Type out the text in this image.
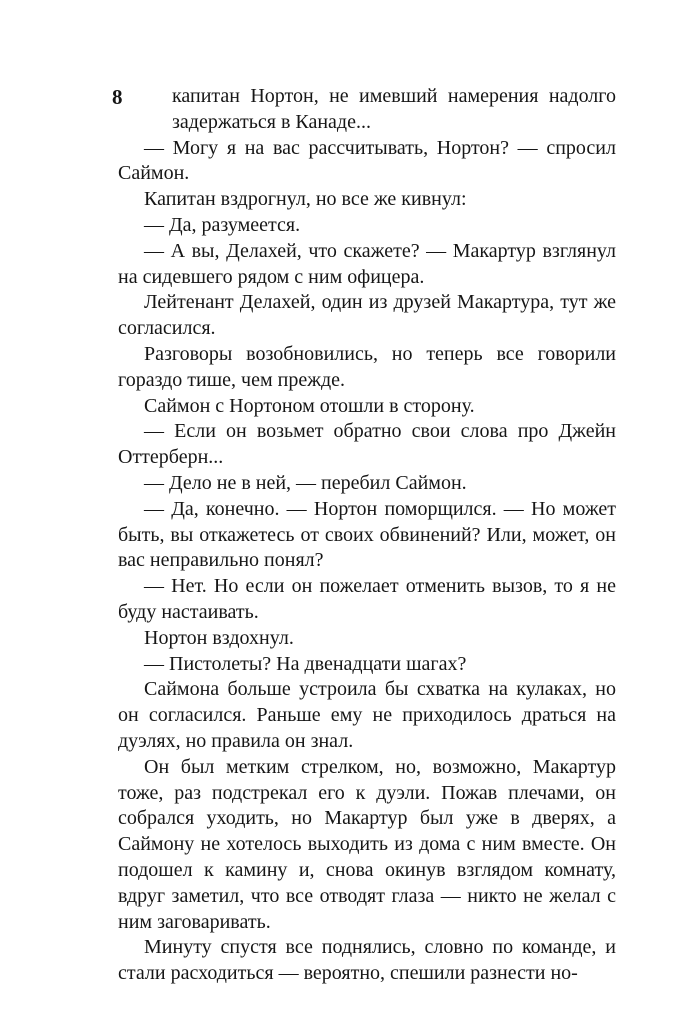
8 капитан Нортон, не имевший намерения надолго задержаться в Канаде...

— Могу я на вас рассчитывать, Нортон? — спросил Саймон.

Капитан вздрогнул, но все же кивнул:

— Да, разумеется.

— А вы, Делахей, что скажете? — Макартур взглянул на сидевшего рядом с ним офицера.

Лейтенант Делахей, один из друзей Макартура, тут же согласился.

Разговоры возобновились, но теперь все говорили гораздо тише, чем прежде.

Саймон с Нортоном отошли в сторону.

— Если он возьмет обратно свои слова про Джейн Оттерберн...

— Дело не в ней, — перебил Саймон.

— Да, конечно. — Нортон поморщился. — Но может быть, вы откажетесь от своих обвинений? Или, может, он вас неправильно понял?

— Нет. Но если он пожелает отменить вызов, то я не буду настаивать.

Нортон вздохнул.

— Пистолеты? На двенадцати шагах?

Саймона больше устроила бы схватка на кулаках, но он согласился. Раньше ему не приходилось драться на дуэлях, но правила он знал.

Он был метким стрелком, но, возможно, Макартур тоже, раз подстрекал его к дуэли. Пожав плечами, он собрался уходить, но Макартур был уже в дверях, а Саймону не хотелось выходить из дома с ним вместе. Он подошел к камину и, снова окинув взглядом комнату, вдруг заметил, что все отводят глаза — никто не желал с ним заговаривать.

Минуту спустя все поднялись, словно по команде, и стали расходиться — вероятно, спешили разнести но-
